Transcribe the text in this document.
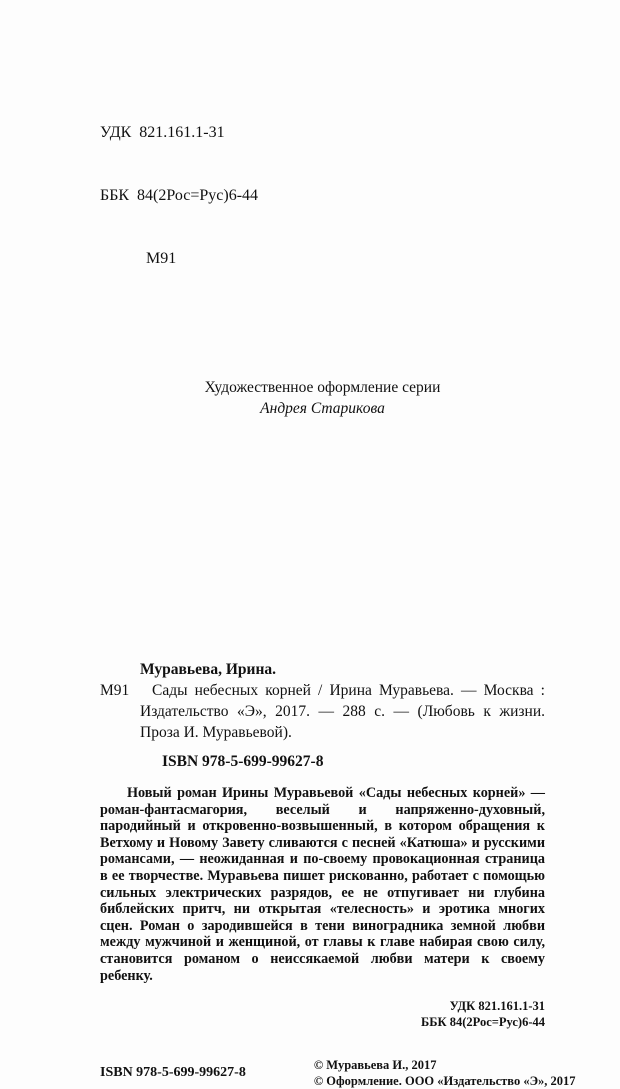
УДК  821.161.1-31

ББК  84(2Рос=Рус)6-44

М91

Художественное оформление серии
Андрея Старикова

Муравьева, Ирина.

М91 Сады небесных корней / Ирина Муравьева. — Москва : Издательство «Э», 2017. — 288 с. — (Любовь к жизни. Проза И. Муравьевой).

ISBN 978-5-699-99627-8

Новый роман Ирины Муравьевой «Сады небесных корней» — роман-фантасмагория, веселый и напряженно-духовный, пародийный и откровенно-возвышенный, в котором обращения к Ветхому и Новому Завету сливаются с песней «Катюша» и русскими романсами, — неожиданная и по-своему провокационная страница в ее творчестве. Муравьева пишет рискованно, работает с помощью сильных электрических разрядов, ее не отпугивает ни глубина библейских притч, ни открытая «телесность» и эротика многих сцен. Роман о зародившейся в тени виноградника земной любви между мужчиной и женщиной, от главы к главе набирая свою силу, становится романом о неиссякаемой любви матери к своему ребенку.

УДК 821.161.1-31
ББК 84(2Рос=Рус)6-44
ISBN 978-5-699-99627-8	© Муравьева И., 2017
© Оформление. ООО «Издательство «Э», 2017
